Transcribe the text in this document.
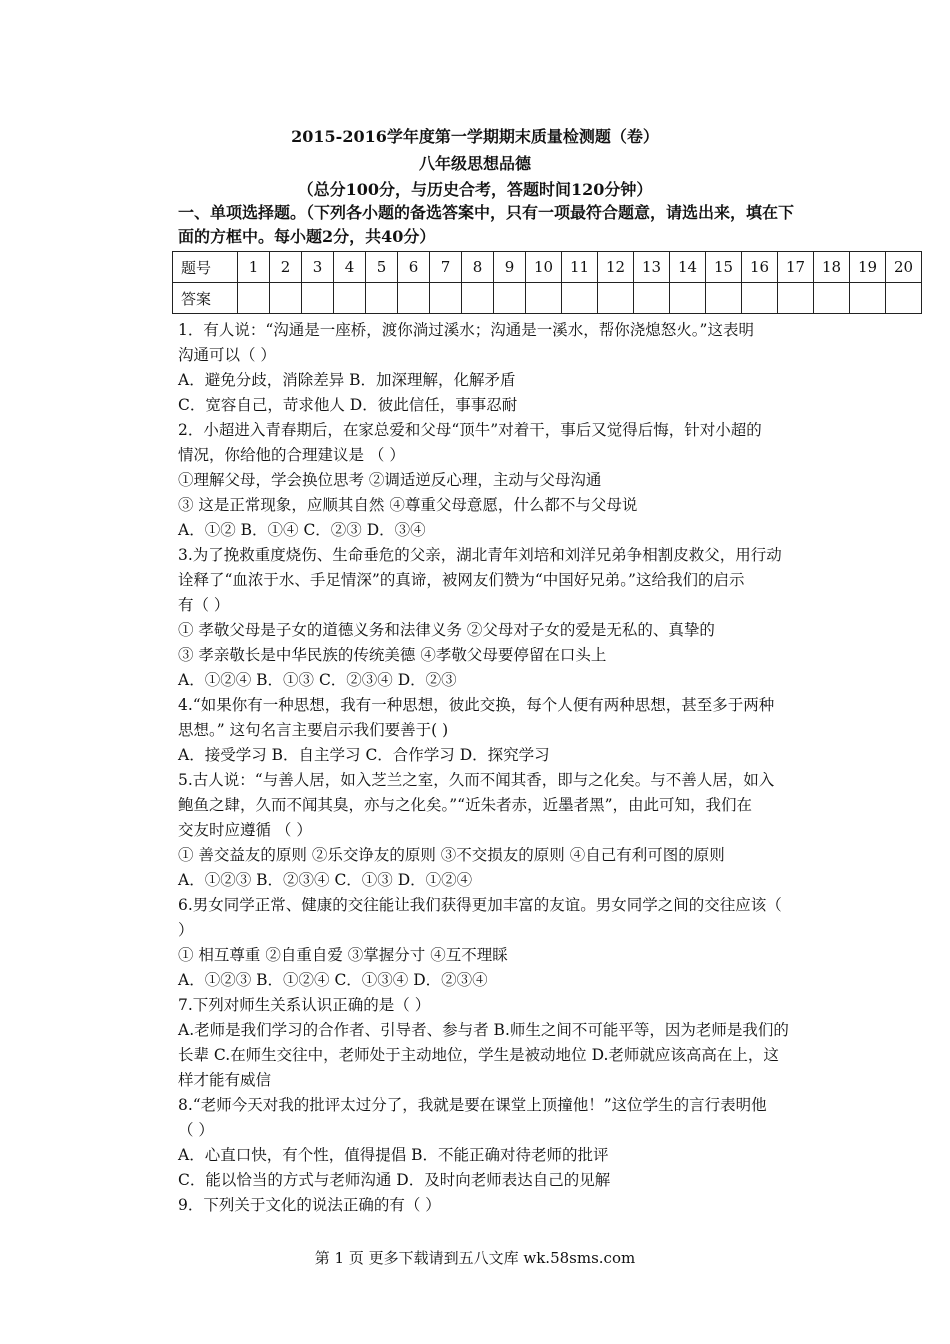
2015-2016学年度第一学期期末质量检测题（卷）
八年级思想品德
（总分100分，与历史合考，答题时间120分钟）
一、单项选择题。（下列各小题的备选答案中，只有一项最符合题意，请选出来，填在下
面的方框中。每小题2分，共40分）
题号	1	2	3	4	5	6	7	8	9	10	11	12	13	14	15	16	17	18	19	20
答案																				
1．有人说：“沟通是一座桥，渡你淌过溪水；沟通是一溪水，帮你浇熄怒火。”这表明
沟通可以（ ）
A．避免分歧，消除差异 B．加深理解，化解矛盾
C．宽容自己，苛求他人 D．彼此信任，事事忍耐
2．小超进入青春期后，在家总爱和父母“顶牛”对着干，事后又觉得后悔，针对小超的
情况，你给他的合理建议是 （ ）
①理解父母，学会换位思考 ②调适逆反心理，主动与父母沟通
③ 这是正常现象，应顺其自然 ④尊重父母意愿，什么都不与父母说
A．①② B．①④ C．②③ D．③④
3.为了挽救重度烧伤、生命垂危的父亲，湖北青年刘培和刘洋兄弟争相割皮救父，用行动
诠释了“血浓于水、手足情深”的真谛，被网友们赞为“中国好兄弟。”这给我们的启示
有（ ）
① 孝敬父母是子女的道德义务和法律义务 ②父母对子女的爱是无私的、真挚的
③ 孝亲敬长是中华民族的传统美德 ④孝敬父母要停留在口头上
A．①②④ B．①③ C．②③④ D．②③
4.“如果你有一种思想，我有一种思想，彼此交换，每个人便有两种思想，甚至多于两种
思想。” 这句名言主要启示我们要善于( )
A．接受学习 B．自主学习 C．合作学习 D．探究学习
5.古人说：“与善人居，如入芝兰之室，久而不闻其香，即与之化矣。与不善人居，如入
鲍鱼之肆，久而不闻其臭，亦与之化矣。”“近朱者赤，近墨者黑”，由此可知，我们在
交友时应遵循 （ ）
① 善交益友的原则 ②乐交诤友的原则 ③不交损友的原则 ④自己有利可图的原则
A．①②③ B．②③④ C．①③ D．①②④
6.男女同学正常、健康的交往能让我们获得更加丰富的友谊。男女同学之间的交往应该（
）
① 相互尊重 ②自重自爱 ③掌握分寸 ④互不理睬
A．①②③ B．①②④ C．①③④ D．②③④
7.下列对师生关系认识正确的是（ ）
A.老师是我们学习的合作者、引导者、参与者 B.师生之间不可能平等，因为老师是我们的
长辈 C.在师生交往中，老师处于主动地位，学生是被动地位 D.老师就应该高高在上，这
样才能有威信
8.“老师今天对我的批评太过分了，我就是要在课堂上顶撞他！”这位学生的言行表明他
（ ）
A．心直口快，有个性，值得提倡 B．不能正确对待老师的批评
C．能以恰当的方式与老师沟通 D．及时向老师表达自己的见解
9．下列关于文化的说法正确的有（ ）
第 1 页 更多下载请到五八文库 wk.58sms.com
